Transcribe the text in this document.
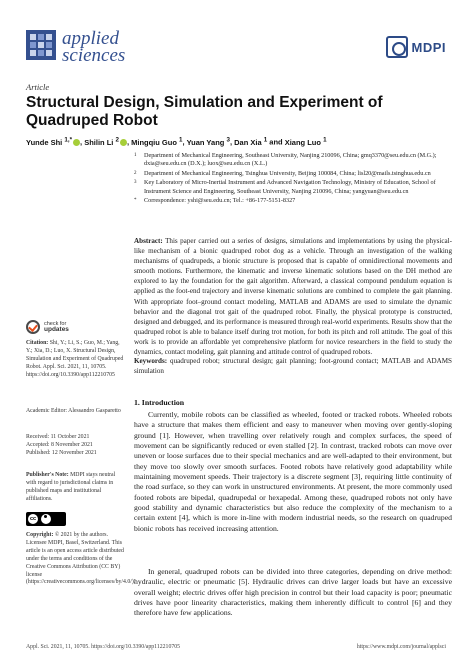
applied
sciences	MDPI
Article
Structural Design, Simulation and Experiment of Quadruped Robot
Yunde Shi $^{1,*}$ , Shilin Li $^2$ , Mingqiu Guo $^1$, Yuan Yang $^3$, Dan Xia $^1$ and Xiang Luo $^1$
1	Department of Mechanical Engineering, Southeast University, Nanjing 210096, China; gmq3370@seu.edu.cn (M.G.); dxia@seu.edu.cn (D.X.); luox@seu.edu.cn (X.L.)
2	Department of Mechanical Engineering, Tsinghua University, Beijing 100084, China; lisl20@mails.tsinghua.edu.cn
3	Key Laboratory of Micro-Inertial Instrument and Advanced Navigation Technology, Ministry of Education, School of Instrument Science and Engineering, Southeast University, Nanjing 210096, China; yangyuan@seu.edu.cn
*	Correspondence: yshi@seu.edu.cn; Tel.: +86-177-5151-8327
Abstract: This paper carried out a series of designs, simulations and implementations by using the physical-like mechanism of a bionic quadruped robot dog as a vehicle. Through an investigation of the walking mechanisms of quadrupeds, a bionic structure is proposed that is capable of omnidirectional movements and smooth motions. Furthermore, the kinematic and inverse kinematic solutions based on the DH method are explored to lay the foundation for the gait algorithm. Afterward, a classical compound pendulum equation is applied as the foot-end trajectory and inverse kinematic solutions are combined to complete the gait planning. With appropriate foot–ground contact modeling, MATLAB and ADAMS are used to simulate the dynamic behavior and the diagonal trot gait of the quadruped robot. Finally, the physical prototype is constructed, designed and debugged, and its performance is measured through real-world experiments. Results show that the quadruped robot is able to balance itself during trot motion, for both its pitch and roll attitude. The goal of this work is to provide an affordable yet comprehensive platform for novice researchers in the field to study the dynamics, contact modeling, gait planning and attitude control of quadruped robots.
Keywords: quadruped robot; structural design; gait planning; foot-ground contact; MATLAB and ADAMS simulation
check for
updates
Citation: Shi, Y.; Li, S.; Guo, M.; Yang, Y.; Xia, D.; Luo, X. Structural Design, Simulation and Experiment of Quadruped Robot. Appl. Sci. 2021, 11, 10705. https://doi.org/10.3390/app112210705
Academic Editor: Alessandro Gasparetto
Received: 11 October 2021
Accepted: 8 November 2021
Published: 12 November 2021
Publisher's Note: MDPI stays neutral with regard to jurisdictional claims in published maps and institutional affiliations.
cc
Copyright: © 2021 by the authors. Licensee MDPI, Basel, Switzerland. This article is an open access article distributed under the terms and conditions of the Creative Commons Attribution (CC BY) license (https://creativecommons.org/licenses/by/4.0/).
1. Introduction
Currently, mobile robots can be classified as wheeled, footed or tracked robots. Wheeled robots have a structure that makes them efficient and easy to maneuver when moving over gently-sloping ground [1]. However, when travelling over relatively rough and complex surfaces, the speed of movement can be significantly reduced or even stalled [2]. In contrast, tracked robots can move over uneven or loose surfaces due to their special mechanics and are well-adapted to their environment, but they move too slowly over smooth surfaces. Footed robots have relatively good adaptability while maintaining movement speeds. Their trajectory is a discrete segment [3], requiring little continuity of the road surface, so they can work in unstructured environments. At present, the more commonly used footed robots are bipedal, quadrupedal or hexapedal. Among these, quadruped robots not only have good stability and dynamic characteristics but also reduce the complexity of the mechanism to a certain extent [4], which is more in-line with modern industrial needs, so the research on quadruped bionic robots has received increasing attention.
In general, quadruped robots can be divided into three categories, depending on drive method: hydraulic, electric or pneumatic [5]. Hydraulic drives can drive larger loads but have an excessive overall weight; electric drives offer high precision in control but their load capacity is poor; pneumatic drives have poor linearity characteristics, making them inherently difficult to control [6] and they therefore have few applications.
Appl. Sci. 2021, 11, 10705. https://doi.org/10.3390/app112210705	https://www.mdpi.com/journal/applsci
